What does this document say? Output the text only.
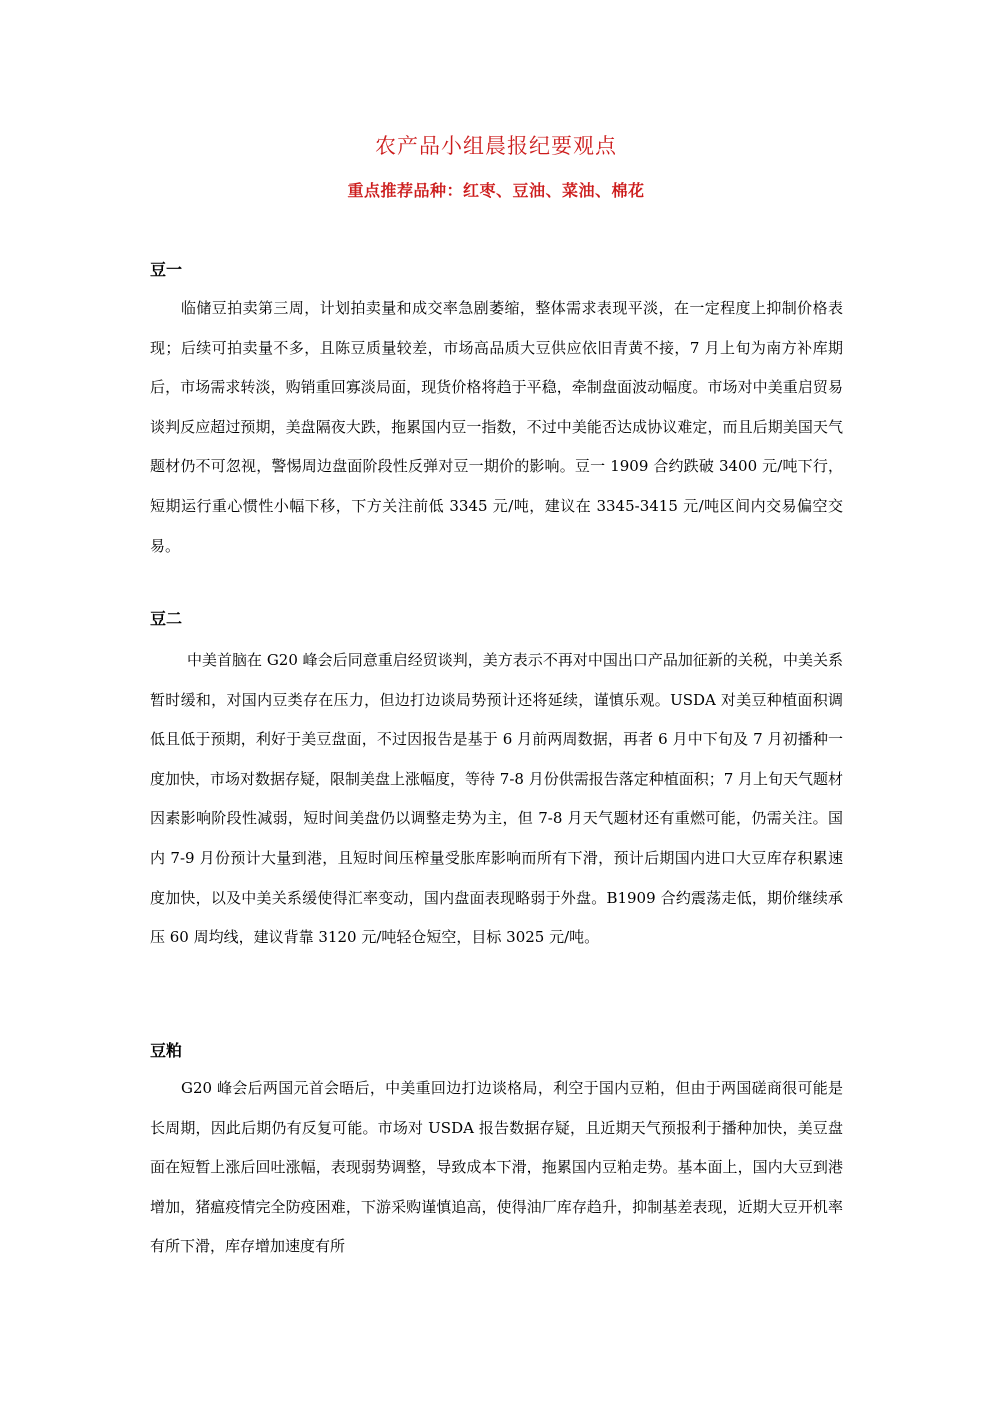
农产品小组晨报纪要观点
重点推荐品种：红枣、豆油、菜油、棉花
豆一

临储豆拍卖第三周，计划拍卖量和成交率急剧萎缩，整体需求表现平淡，在一定程度上抑制价格表现；后续可拍卖量不多，且陈豆质量较差，市场高品质大豆供应依旧青黄不接，7 月上旬为南方补库期后，市场需求转淡，购销重回寡淡局面，现货价格将趋于平稳，牵制盘面波动幅度。市场对中美重启贸易谈判反应超过预期，美盘隔夜大跌，拖累国内豆一指数，不过中美能否达成协议难定，而且后期美国天气题材仍不可忽视，警惕周边盘面阶段性反弹对豆一期价的影响。豆一 1909 合约跌破 3400 元/吨下行，短期运行重心惯性小幅下移，下方关注前低 3345 元/吨，建议在 3345-3415 元/吨区间内交易偏空交易。

豆二

中美首脑在 G20 峰会后同意重启经贸谈判，美方表示不再对中国出口产品加征新的关税，中美关系暂时缓和，对国内豆类存在压力，但边打边谈局势预计还将延续，谨慎乐观。USDA 对美豆种植面积调低且低于预期，利好于美豆盘面，不过因报告是基于 6 月前两周数据，再者 6 月中下旬及 7 月初播种一度加快，市场对数据存疑，限制美盘上涨幅度，等待 7-8 月份供需报告落定种植面积；7 月上旬天气题材因素影响阶段性减弱，短时间美盘仍以调整走势为主，但 7-8 月天气题材还有重燃可能，仍需关注。国内 7-9 月份预计大量到港，且短时间压榨量受胀库影响而所有下滑，预计后期国内进口大豆库存积累速度加快，以及中美关系缓使得汇率变动，国内盘面表现略弱于外盘。B1909 合约震荡走低，期价继续承压 60 周均线，建议背靠 3120 元/吨轻仓短空，目标 3025 元/吨。

豆粕

G20 峰会后两国元首会晤后，中美重回边打边谈格局，利空于国内豆粕，但由于两国磋商很可能是长周期，因此后期仍有反复可能。市场对 USDA 报告数据存疑，且近期天气预报利于播种加快，美豆盘面在短暂上涨后回吐涨幅，表现弱势调整，导致成本下滑，拖累国内豆粕走势。基本面上，国内大豆到港增加，猪瘟疫情完全防疫困难，下游采购谨慎追高，使得油厂库存趋升，抑制基差表现，近期大豆开机率有所下滑，库存增加速度有所
